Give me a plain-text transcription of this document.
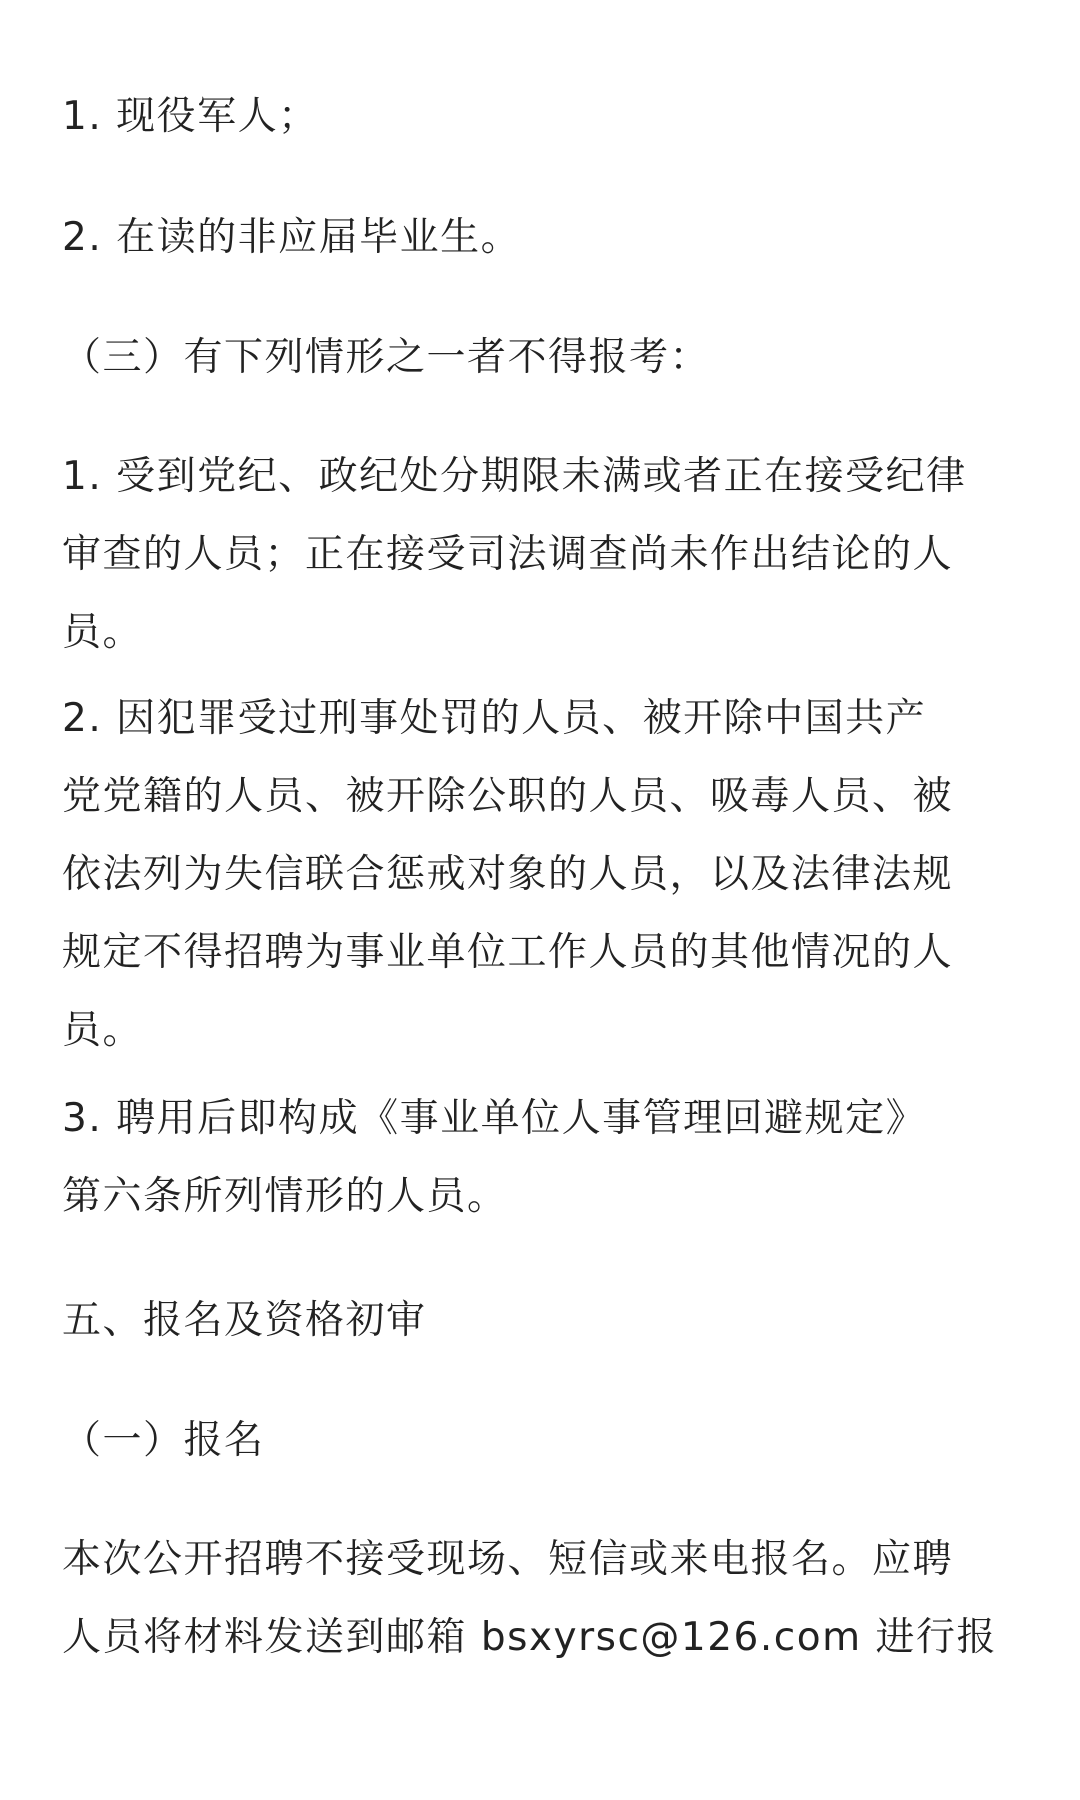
1. 现役军人；

2. 在读的非应届毕业生。

（三）有下列情形之一者不得报考：

1. 受到党纪、政纪处分期限未满或者正在接受纪律
审查的人员；正在接受司法调查尚未作出结论的人
员。

2. 因犯罪受过刑事处罚的人员、被开除中国共产
党党籍的人员、被开除公职的人员、吸毒人员、被
依法列为失信联合惩戒对象的人员，以及法律法规
规定不得招聘为事业单位工作人员的其他情况的人
员。

3. 聘用后即构成《事业单位人事管理回避规定》
第六条所列情形的人员。

五、报名及资格初审

（一）报名

本次公开招聘不接受现场、短信或来电报名。应聘
人员将材料发送到邮箱 bsxyrsc@126.com 进行报
